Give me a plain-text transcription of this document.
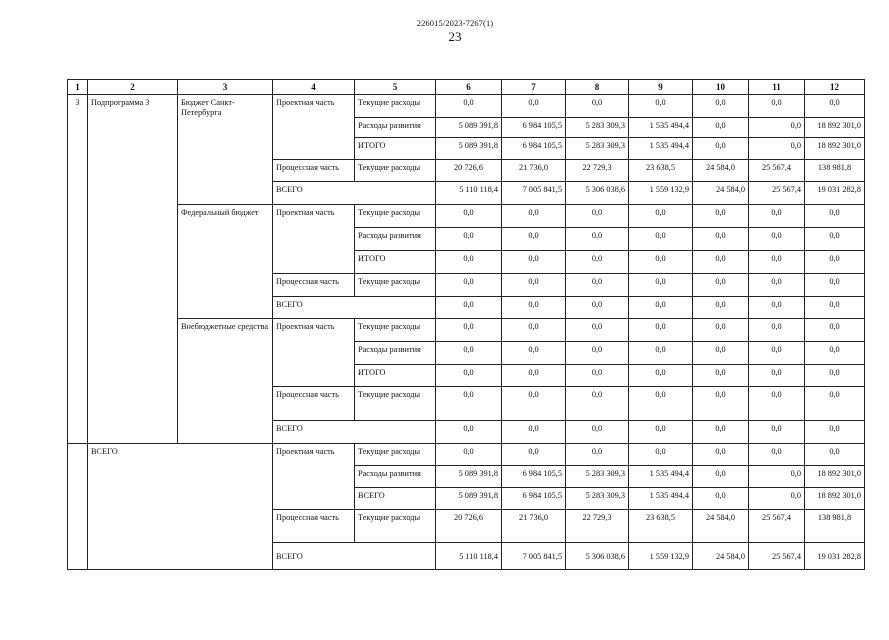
226015/2023-7267(1)
23
1	2	3	4	5	6	7	8	9	10	11	12
3	Подпрограмма 3	Бюджет Санкт-Петербурга	Проектная часть	Текущие расходы	0,0	0,0	0,0	0,0	0,0	0,0	0,0
				Расходы развития	5 089 391,8	6 984 105,5	5 283 309,3	1 535 494,4	0,0	0,0	18 892 301,0
				ИТОГО	5 089 391,8	6 984 105,5	5 283 309,3	1 535 494,4	0,0	0,0	18 892 301,0
			Процессная часть	Текущие расходы	20 726,6	21 736,0	22 729,3	23 638,5	24 584,0	25 567,4	138 981,8
			ВСЕГО		5 110 118,4	7 005 841,5	5 306 038,6	1 559 132,9	24 584,0	25 567,4	19 031 282,8
		Федеральный бюджет	Проектная часть	Текущие расходы	0,0	0,0	0,0	0,0	0,0	0,0	0,0
				Расходы развития	0,0	0,0	0,0	0,0	0,0	0,0	0,0
				ИТОГО	0,0	0,0	0,0	0,0	0,0	0,0	0,0
			Процессная часть	Текущие расходы	0,0	0,0	0,0	0,0	0,0	0,0	0,0
			ВСЕГО		0,0	0,0	0,0	0,0	0,0	0,0	0,0
		Внебюджетные средства	Проектная часть	Текущие расходы	0,0	0,0	0,0	0,0	0,0	0,0	0,0
				Расходы развития	0,0	0,0	0,0	0,0	0,0	0,0	0,0
				ИТОГО	0,0	0,0	0,0	0,0	0,0	0,0	0,0
			Процессная часть	Текущие расходы	0,0	0,0	0,0	0,0	0,0	0,0	0,0
			ВСЕГО		0,0	0,0	0,0	0,0	0,0	0,0	0,0
	ВСЕГО		Проектная часть	Текущие расходы	0,0	0,0	0,0	0,0	0,0	0,0	0,0
				Расходы развития	5 089 391,8	6 984 105,5	5 283 309,3	1 535 494,4	0,0	0,0	18 892 301,0
				ВСЕГО	5 089 391,8	6 984 105,5	5 283 309,3	1 535 494,4	0,0	0,0	18 892 301,0
			Процессная часть	Текущие расходы	20 726,6	21 736,0	22 729,3	23 638,5	24 584,0	25 567,4	138 981,8
			ВСЕГО		5 110 118,4	7 005 841,5	5 306 038,6	1 559 132,9	24 584,0	25 567,4	19 031 282,8
